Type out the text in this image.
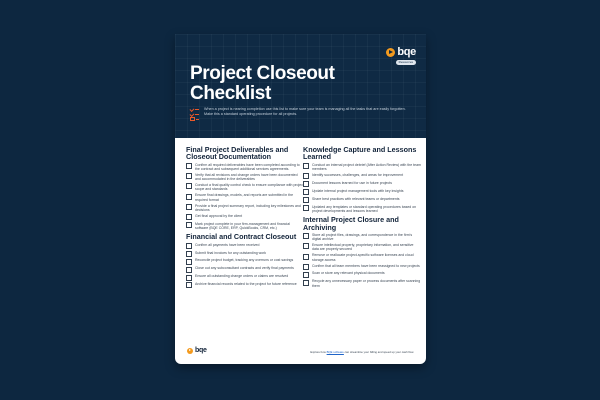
bqe
Resources
Project Closeout
Checklist
When a project is nearing completion use this list to make sure your team is managing all the tasks that are easily forgotten. Make this a standard operating procedure for all projects.
Final Project Deliverables and Closeout Documentation
Confirm all required deliverables have been completed according to the contract and subsequent additional services agreements.
Verify that all revisions and change orders have been documented and accommodated in the deliverables
Conduct a final quality control check to ensure compliance with project scope and standards
Ensure final drawings, models, and reports are submitted in the required format
Provide a final project summary report, including key milestones and decisions
Get final approval by the client
Mark project complete in your firm-management and financial software (BQE CORE, ERP, QuickBooks, CRM, etc.)
Financial and Contract Closeout
Confirm all payments have been received
Submit final invoices for any outstanding work
Reconcile project budget, tracking any overruns or cost savings
Close out any subconsultant contracts and verify final payments
Ensure all outstanding change orders or claims are resolved
Archive financial records related to the project for future reference
Knowledge Capture and Lessons Learned
Conduct an internal project debrief (After Action Review) with the team members
Identify successes, challenges, and areas for improvement
Document lessons learned for use in future projects
Update internal project management tools with key insights
Share best practices with relevant teams or departments
Updated any templates or standard operating procedures based on project developments and lessons learned
Internal Project Closure and Archiving
Store all project files, drawings, and correspondence in the firm's digital archive
Ensure intellectual property, proprietary information, and sensitive data are properly secured
Remove or reallocate project-specific software licenses and cloud storage access
Confirm that all team members have been reassigned to new projects
Scan or store any relevant physical documents
Recycle any unnecessary paper or process documents after scanning them
bqe	Explore how BQE software can streamline your billing and speed up your cash flow.
